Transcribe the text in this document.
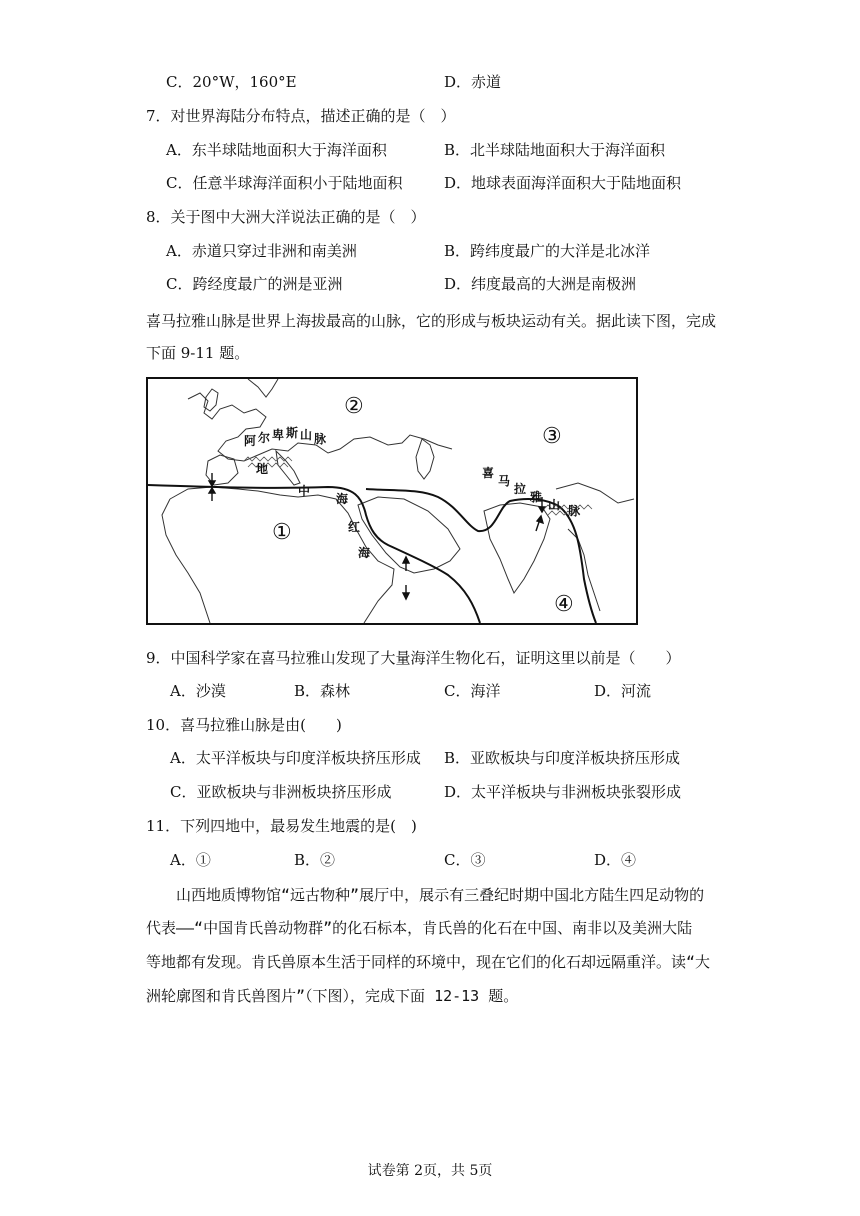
C．20°W，160°E	D．赤道
7．对世界海陆分布特点，描述正确的是（　）
A．东半球陆地面积大于海洋面积	B．北半球陆地面积大于海洋面积
C．任意半球海洋面积小于陆地面积	D．地球表面海洋面积大于陆地面积
8．关于图中大洲大洋说法正确的是（　）
A．赤道只穿过非洲和南美洲	B．跨纬度最广的大洋是北冰洋
C．跨经度最广的洲是亚洲	D．纬度最高的大洲是南极洲
喜马拉雅山脉是世界上海拔最高的山脉，它的形成与板块运动有关。据此读下图，完成
下面 9-11 题。
阿 尔 卑 斯 山 脉
喜
马
拉
雅
山 脉
地
中
海
红
海
①
②
③
④
9．中国科学家在喜马拉雅山发现了大量海洋生物化石，证明这里以前是（　　）
A．沙漠	B．森林	C．海洋	D．河流
10．喜马拉雅山脉是由(　　)
A．太平洋板块与印度洋板块挤压形成 B．亚欧板块与印度洋板块挤压形成
C．亚欧板块与非洲板块挤压形成	D．太平洋板块与非洲板块张裂形成
11．下列四地中，最易发生地震的是(　)
A．①	B．②	C．③	D．④
山西地质博物馆“远古物种”展厅中，展示有三叠纪时期中国北方陆生四足动物的
代表——“中国肯氏兽动物群”的化石标本，肯氏兽的化石在中国、南非以及美洲大陆
等地都有发现。肯氏兽原本生活于同样的环境中，现在它们的化石却远隔重洋。读“大
洲轮廓图和肯氏兽图片”（下图），完成下面 12-13 题。
试卷第 2页，共 5页
